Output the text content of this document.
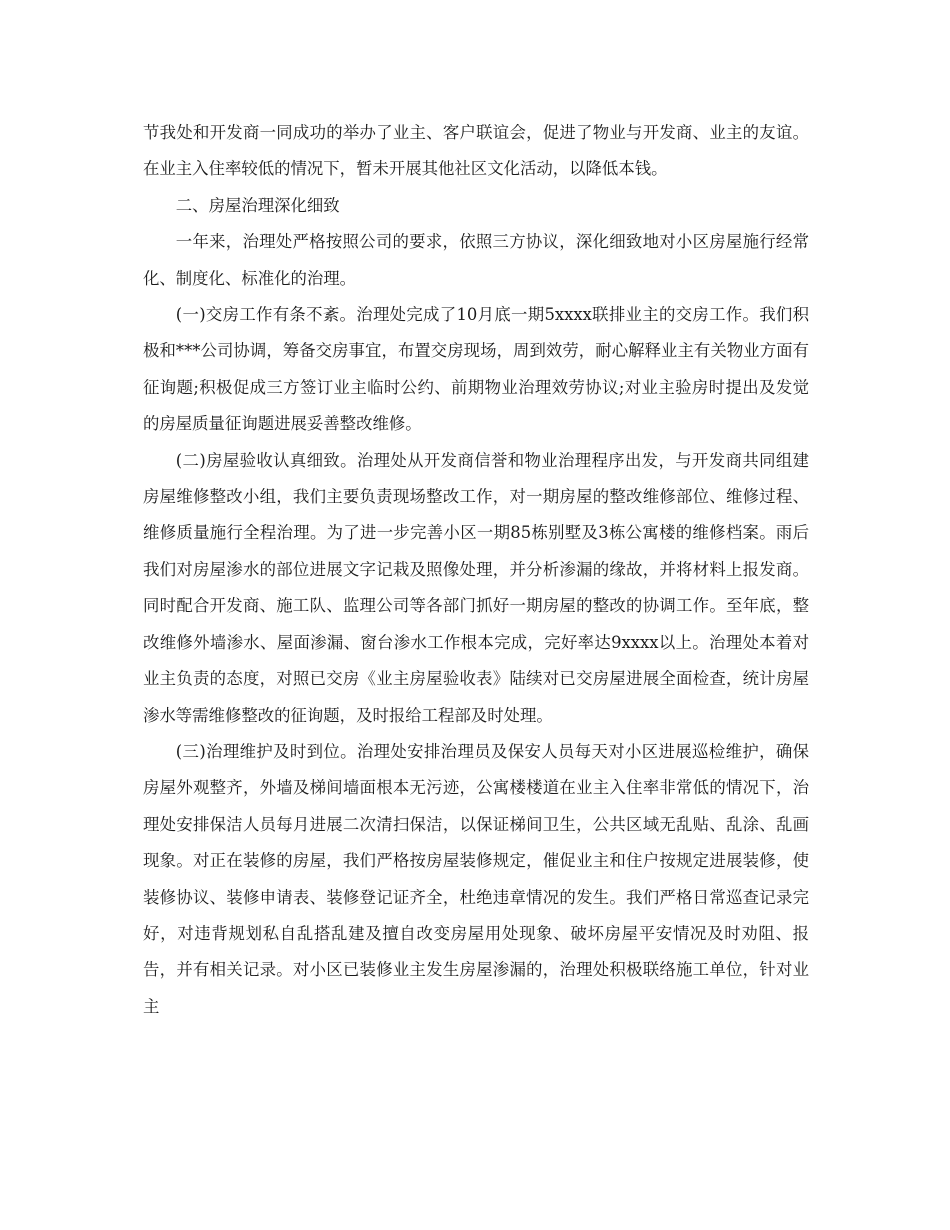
节我处和开发商一同成功的举办了业主、客户联谊会，促进了物业与开发商、业主的友谊。在业主入住率较低的情况下，暂未开展其他社区文化活动，以降低本钱。

二、房屋治理深化细致

一年来，治理处严格按照公司的要求，依照三方协议，深化细致地对小区房屋施行经常化、制度化、标准化的治理。

(一)交房工作有条不紊。治理处完成了10月底一期5xxxx联排业主的交房工作。我们积极和***公司协调，筹备交房事宜，布置交房现场，周到效劳，耐心解释业主有关物业方面有征询题;积极促成三方签订业主临时公约、前期物业治理效劳协议;对业主验房时提出及发觉的房屋质量征询题进展妥善整改维修。

(二)房屋验收认真细致。治理处从开发商信誉和物业治理程序出发，与开发商共同组建房屋维修整改小组，我们主要负责现场整改工作，对一期房屋的整改维修部位、维修过程、维修质量施行全程治理。为了进一步完善小区一期85栋别墅及3栋公寓楼的维修档案。雨后我们对房屋渗水的部位进展文字记栽及照像处理，并分析渗漏的缘故，并将材料上报发商。同时配合开发商、施工队、监理公司等各部门抓好一期房屋的整改的协调工作。至年底，整改维修外墙渗水、屋面渗漏、窗台渗水工作根本完成，完好率达9xxxx以上。治理处本着对业主负责的态度，对照已交房《业主房屋验收表》陆续对已交房屋进展全面检查，统计房屋渗水等需维修整改的征询题，及时报给工程部及时处理。

(三)治理维护及时到位。治理处安排治理员及保安人员每天对小区进展巡检维护，确保房屋外观整齐，外墙及梯间墙面根本无污迹，公寓楼楼道在业主入住率非常低的情况下，治理处安排保洁人员每月进展二次清扫保洁，以保证梯间卫生，公共区域无乱贴、乱涂、乱画现象。对正在装修的房屋，我们严格按房屋装修规定，催促业主和住户按规定进展装修，使装修协议、装修申请表、装修登记证齐全，杜绝违章情况的发生。我们严格日常巡查记录完好，对违背规划私自乱搭乱建及擅自改变房屋用处现象、破坏房屋平安情况及时劝阻、报告，并有相关记录。对小区已装修业主发生房屋渗漏的，治理处积极联络施工单位，针对业主
